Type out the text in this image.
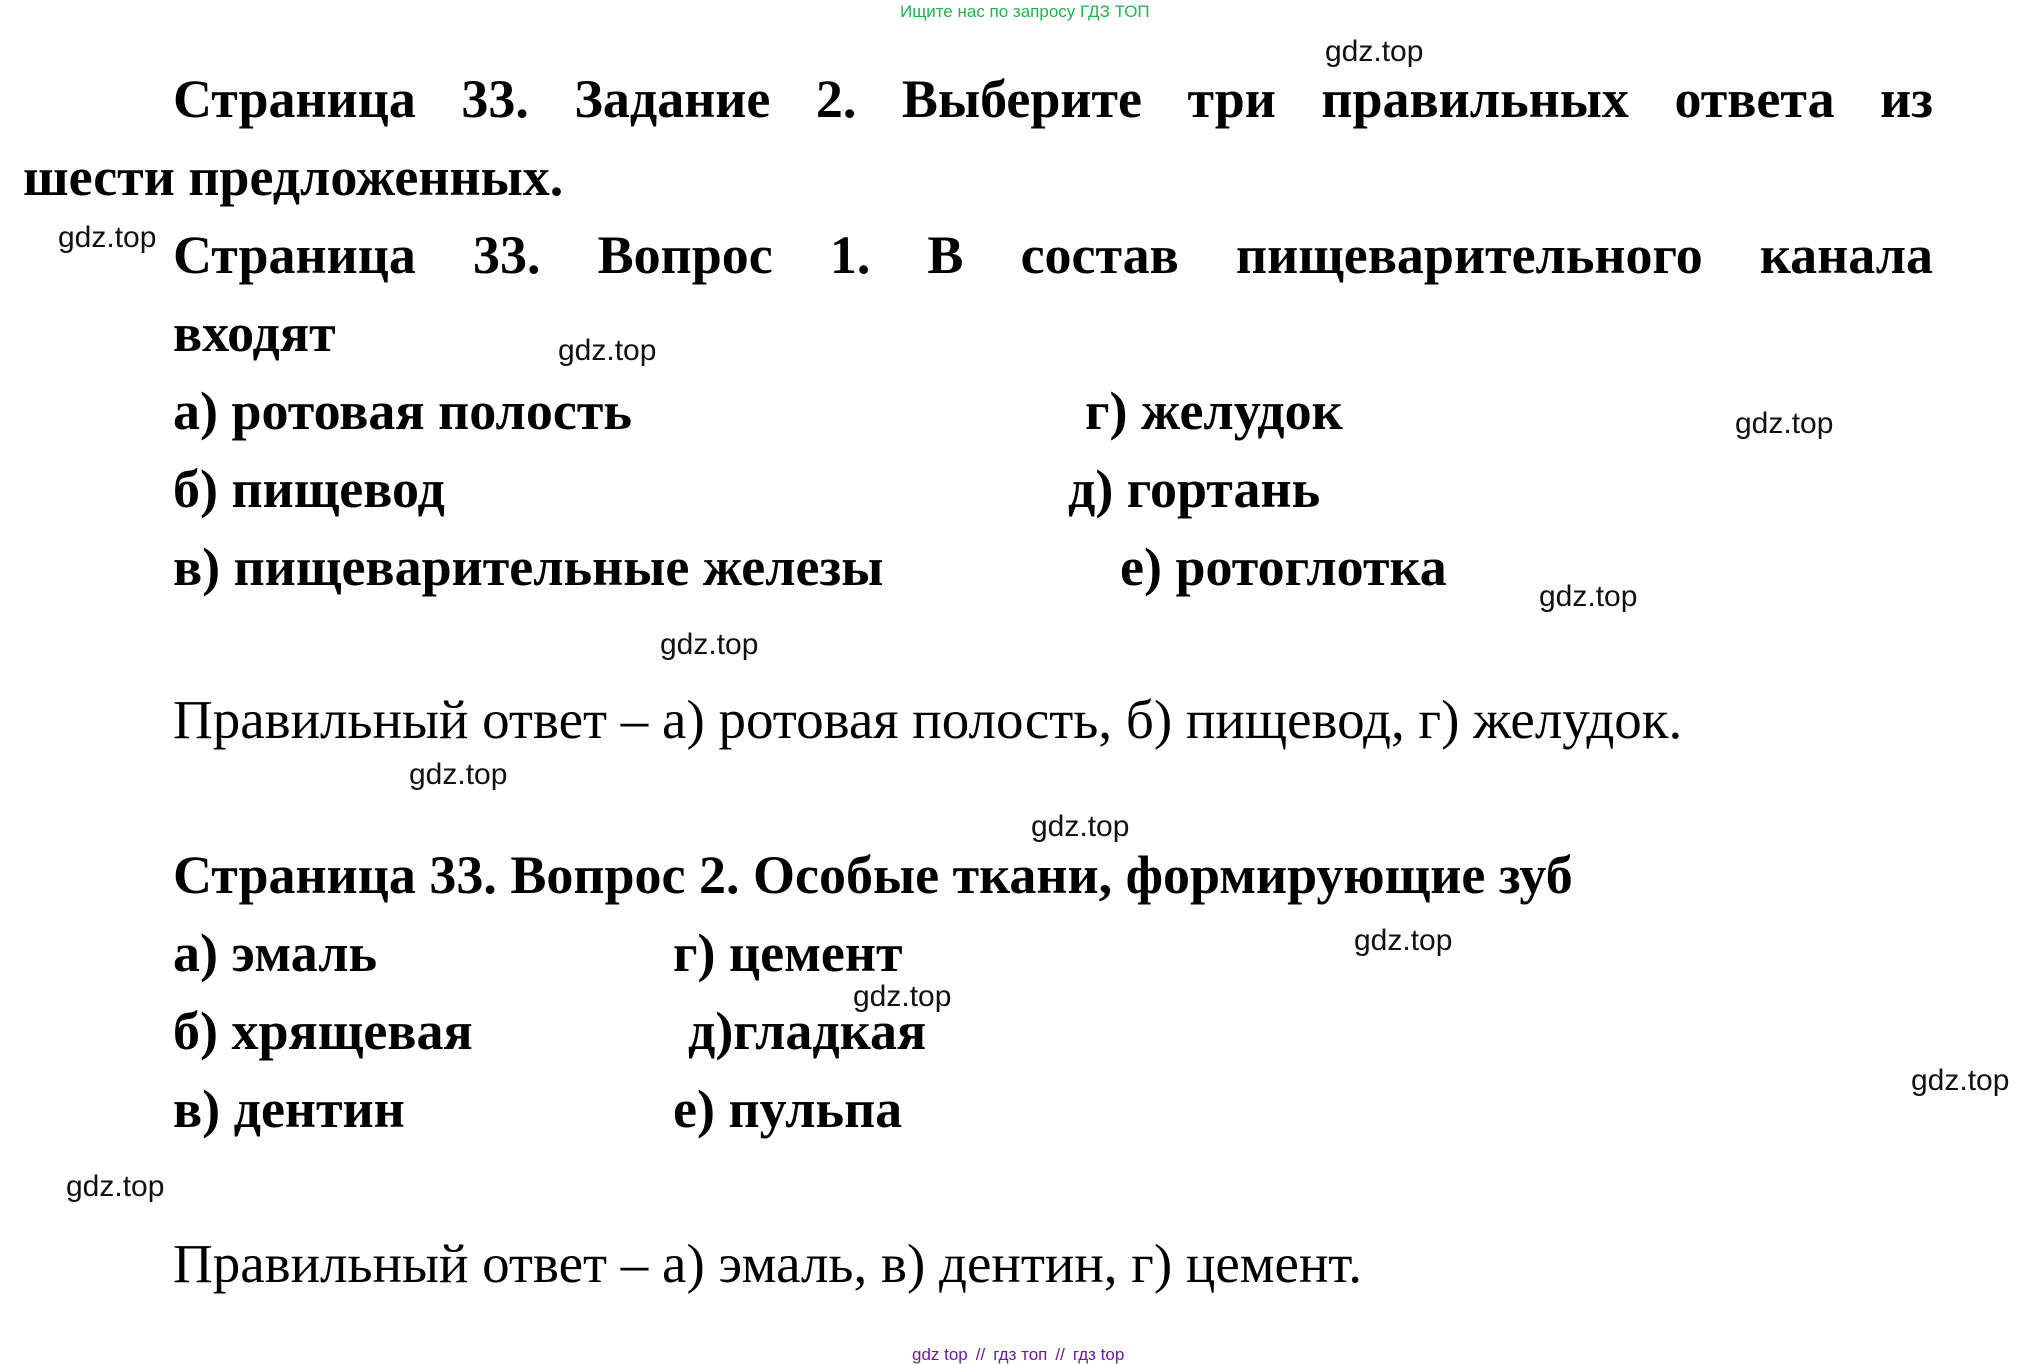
Ищите нас по запросу ГДЗ ТОП
Страница 33. Задание 2. Выберите три правильных ответа из
шести предложенных.
Страница 33. Вопрос 1. В состав пищеварительного канала
входят
а) ротовая полость	г) желудок
б) пищевод	д) гортань
в) пищеварительные железы	е) ротоглотка
Правильный ответ – а) ротовая полость, б) пищевод, г) желудок.
Страница 33. Вопрос 2. Особые ткани, формирующие зуб
а) эмаль	г) цемент
б) хрящевая	д)гладкая
в) дентин	е) пульпа
Правильный ответ – а) эмаль, в) дентин, г) цемент.
gdz.top
gdz.top
gdz.top
gdz.top
gdz.top
gdz.top
gdz.top
gdz.top
gdz.top
gdz.top
gdz.top
gdz.top
gdz top // гдз топ // гдз top
